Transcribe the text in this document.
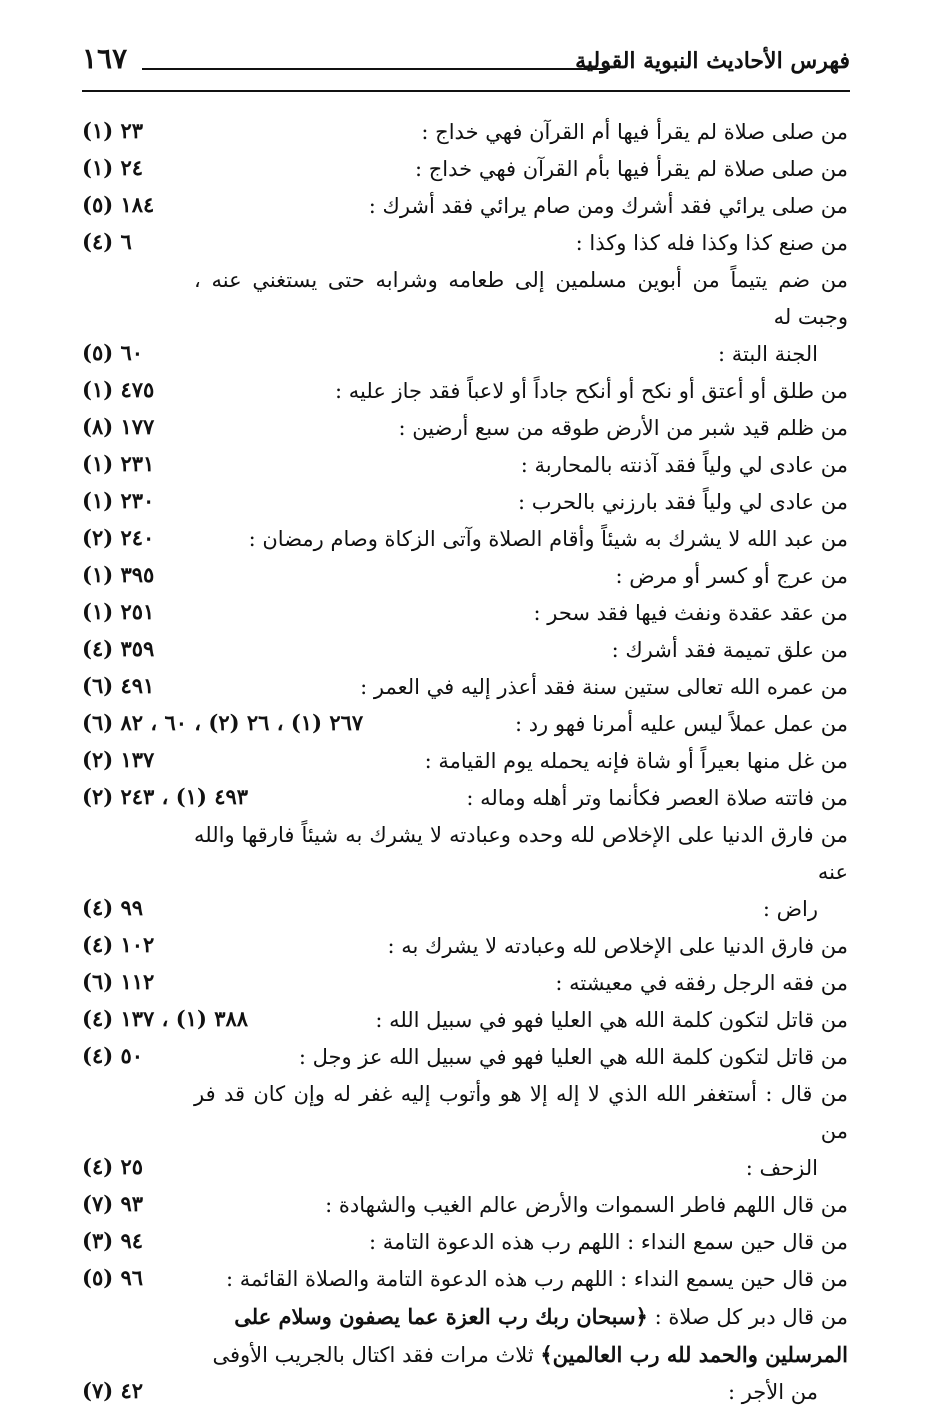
فهرس الأحاديث النبوية القولية
١٦٧
من صلى صلاة لم يقرأ فيها أم القرآن فهي خداج :
٢٣ (١)
من صلى صلاة لم يقرأ فيها بأم القرآن فهي خداج :
٢٤ (١)
من صلى يرائي فقد أشرك ومن صام يرائي فقد أشرك :
١٨٤ (٥)
من صنع كذا وكذا فله كذا وكذا :
٦ (٤)
من ضم يتيماً من أبوين مسلمين إلى طعامه وشرابه حتى يستغني عنه ، وجبت له
الجنة البتة :
٦٠ (٥)
من طلق أو أعتق أو نكح أو أنكح جاداً أو لاعباً فقد جاز عليه :
٤٧٥ (١)
من ظلم قيد شبر من الأرض طوقه من سبع أرضين :
١٧٧ (٨)
من عادى لي ولياً فقد آذنته بالمحاربة :
٢٣١ (١)
من عادى لي ولياً فقد بارزني بالحرب :
٢٣٠ (١)
من عبد الله لا يشرك به شيئاً وأقام الصلاة وآتى الزكاة وصام رمضان :
٢٤٠ (٢)
من عرج أو كسر أو مرض :
٣٩٥ (١)
من عقد عقدة ونفث فيها فقد سحر :
٢٥١ (١)
من علق تميمة فقد أشرك :
٣٥٩ (٤)
من عمره الله تعالى ستين سنة فقد أعذر إليه في العمر :
٤٩١ (٦)
من عمل عملاً ليس عليه أمرنا فهو رد :
٢٦٧ (١) ، ٢٦ (٢) ، ٦٠ ، ٨٢ (٦)
من غل منها بعيراً أو شاة فإنه يحمله يوم القيامة :
١٣٧ (٢)
من فاتته صلاة العصر فكأنما وتر أهله وماله :
٤٩٣ (١) ، ٢٤٣ (٢)
من فارق الدنيا على الإخلاص لله وحده وعبادته لا يشرك به شيئاً فارقها والله عنه
راض :
٩٩ (٤)
من فارق الدنيا على الإخلاص لله وعبادته لا يشرك به :
١٠٢ (٤)
من فقه الرجل رفقه في معيشته :
١١٢ (٦)
من قاتل لتكون كلمة الله هي العليا فهو في سبيل الله :
٣٨٨ (١) ، ١٣٧ (٤)
من قاتل لتكون كلمة الله هي العليا فهو في سبيل الله عز وجل :
٥٠ (٤)
من قال : أستغفر الله الذي لا إله إلا هو وأتوب إليه غفر له وإن كان قد فر من
الزحف :
٢٥ (٤)
من قال اللهم فاطر السموات والأرض عالم الغيب والشهادة :
٩٣ (٧)
من قال حين سمع النداء : اللهم رب هذه الدعوة التامة :
٩٤ (٣)
من قال حين يسمع النداء : اللهم رب هذه الدعوة التامة والصلاة القائمة :
٩٦ (٥)
من قال دبر كل صلاة : ﴿سبحان ربك رب العزة عما يصفون وسلام على
المرسلين والحمد لله رب العالمين﴾ ثلاث مرات فقد اكتال بالجريب الأوفى
من الأجر :
٤٢ (٧)
